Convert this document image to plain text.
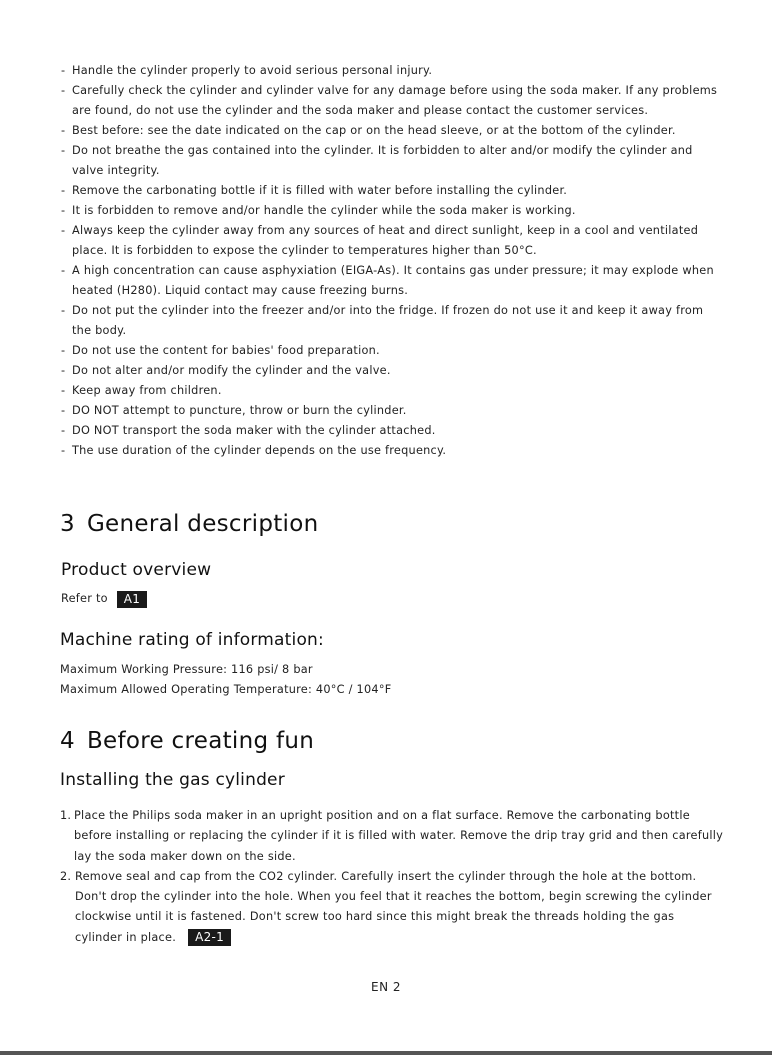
- Handle the cylinder properly to avoid serious personal injury.
- Carefully check the cylinder and cylinder valve for any damage before using the soda maker. If any problems are found, do not use the cylinder and the soda maker and please contact the customer services.
- Best before: see the date indicated on the cap or on the head sleeve, or at the bottom of the cylinder.
- Do not breathe the gas contained into the cylinder. It is forbidden to alter and/or modify the cylinder and valve integrity.
- Remove the carbonating bottle if it is filled with water before installing the cylinder.
- It is forbidden to remove and/or handle the cylinder while the soda maker is working.
- Always keep the cylinder away from any sources of heat and direct sunlight, keep in a cool and ventilated place. It is forbidden to expose the cylinder to temperatures higher than 50°C.
- A high concentration can cause asphyxiation (EIGA-As). It contains gas under pressure; it may explode when heated (H280). Liquid contact may cause freezing burns.
- Do not put the cylinder into the freezer and/or into the fridge. If frozen do not use it and keep it away from the body.
- Do not use the content for babies' food preparation.
- Do not alter and/or modify the cylinder and the valve.
- Keep away from children.
- DO NOT attempt to puncture, throw or burn the cylinder.
- DO NOT transport the soda maker with the cylinder attached.
- The use duration of the cylinder depends on the use frequency.
3 General description
Product overview

Refer to A1

Machine rating of information:

Maximum Working Pressure: 116 psi/ 8 bar

Maximum Allowed Operating Temperature: 40°C / 104°F

4 Before creating fun
Installing the gas cylinder
1. Place the Philips soda maker in an upright position and on a flat surface. Remove the carbonating bottle before installing or replacing the cylinder if it is filled with water. Remove the drip tray grid and then carefully lay the soda maker down on the side.
2. Remove seal and cap from the CO2 cylinder. Carefully insert the cylinder through the hole at the bottom. Don't drop the cylinder into the hole. When you feel that it reaches the bottom, begin screwing the cylinder clockwise until it is fastened. Don't screw too hard since this might break the threads holding the gas cylinder in place. A2-1
EN 2
